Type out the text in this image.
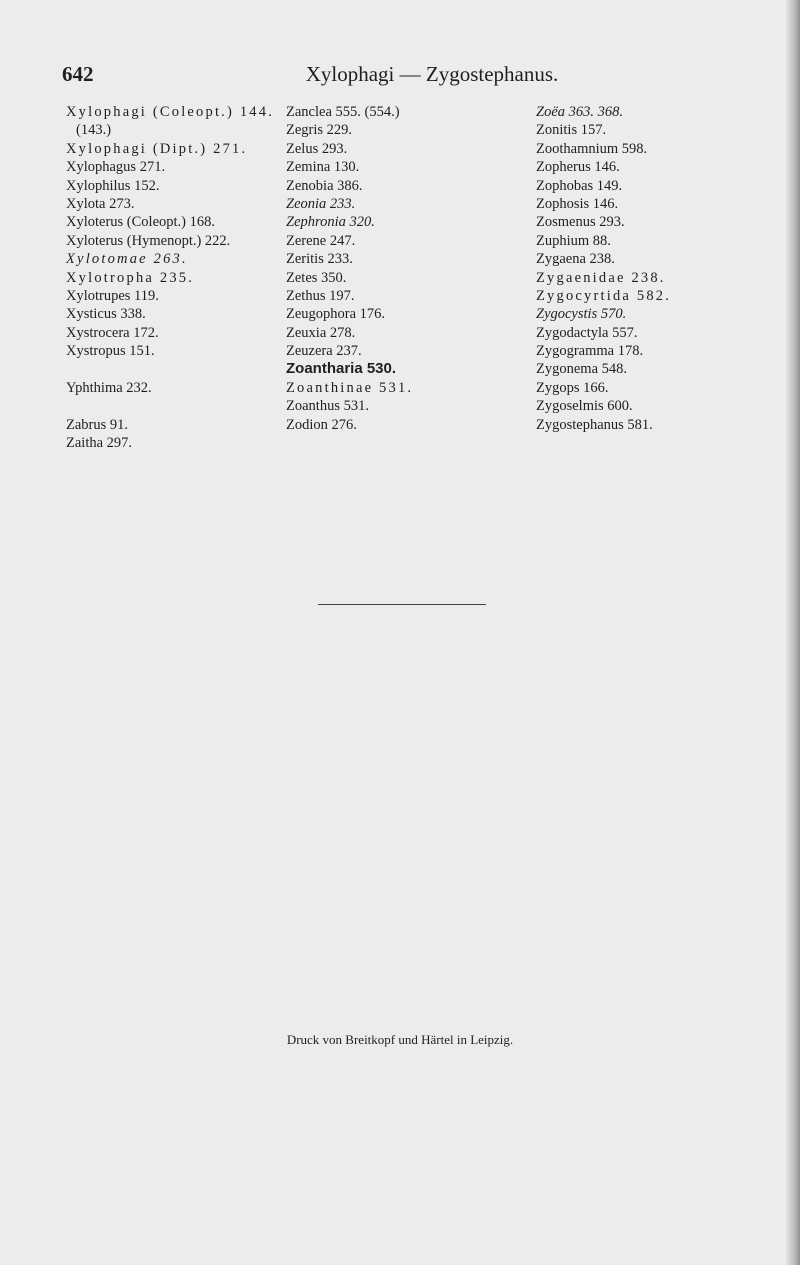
642	Xylophagi — Zygostephanus.
Xylophagi (Coleopt.) 144.
(143.)
Xylophagi (Dipt.) 271.
Xylophagus 271.
Xylophilus 152.
Xylota 273.
Xyloterus (Coleopt.) 168.
Xyloterus (Hymenopt.) 222.
Xylotomae 263.
Xylotropha 235.
Xylotrupes 119.
Xysticus 338.
Xystrocera 172.
Xystropus 151.
Yphthima 232.
Zabrus 91.
Zaitha 297.
Zanclea 555. (554.)
Zegris 229.
Zelus 293.
Zemina 130.
Zenobia 386.
Zeonia 233.
Zephronia 320.
Zerene 247.
Zeritis 233.
Zetes 350.
Zethus 197.
Zeugophora 176.
Zeuxia 278.
Zeuzera 237.
Zoantharia 530.
Zoanthinae 531.
Zoanthus 531.
Zodion 276.
Zoëa 363. 368.
Zonitis 157.
Zoothamnium 598.
Zopherus 146.
Zophobas 149.
Zophosis 146.
Zosmenus 293.
Zuphium 88.
Zygaena 238.
Zygaenidae 238.
Zygocyrtida 582.
Zygocystis 570.
Zygodactyla 557.
Zygogramma 178.
Zygonema 548.
Zygops 166.
Zygoselmis 600.
Zygostephanus 581.
Druck von Breitkopf und Härtel in Leipzig.
